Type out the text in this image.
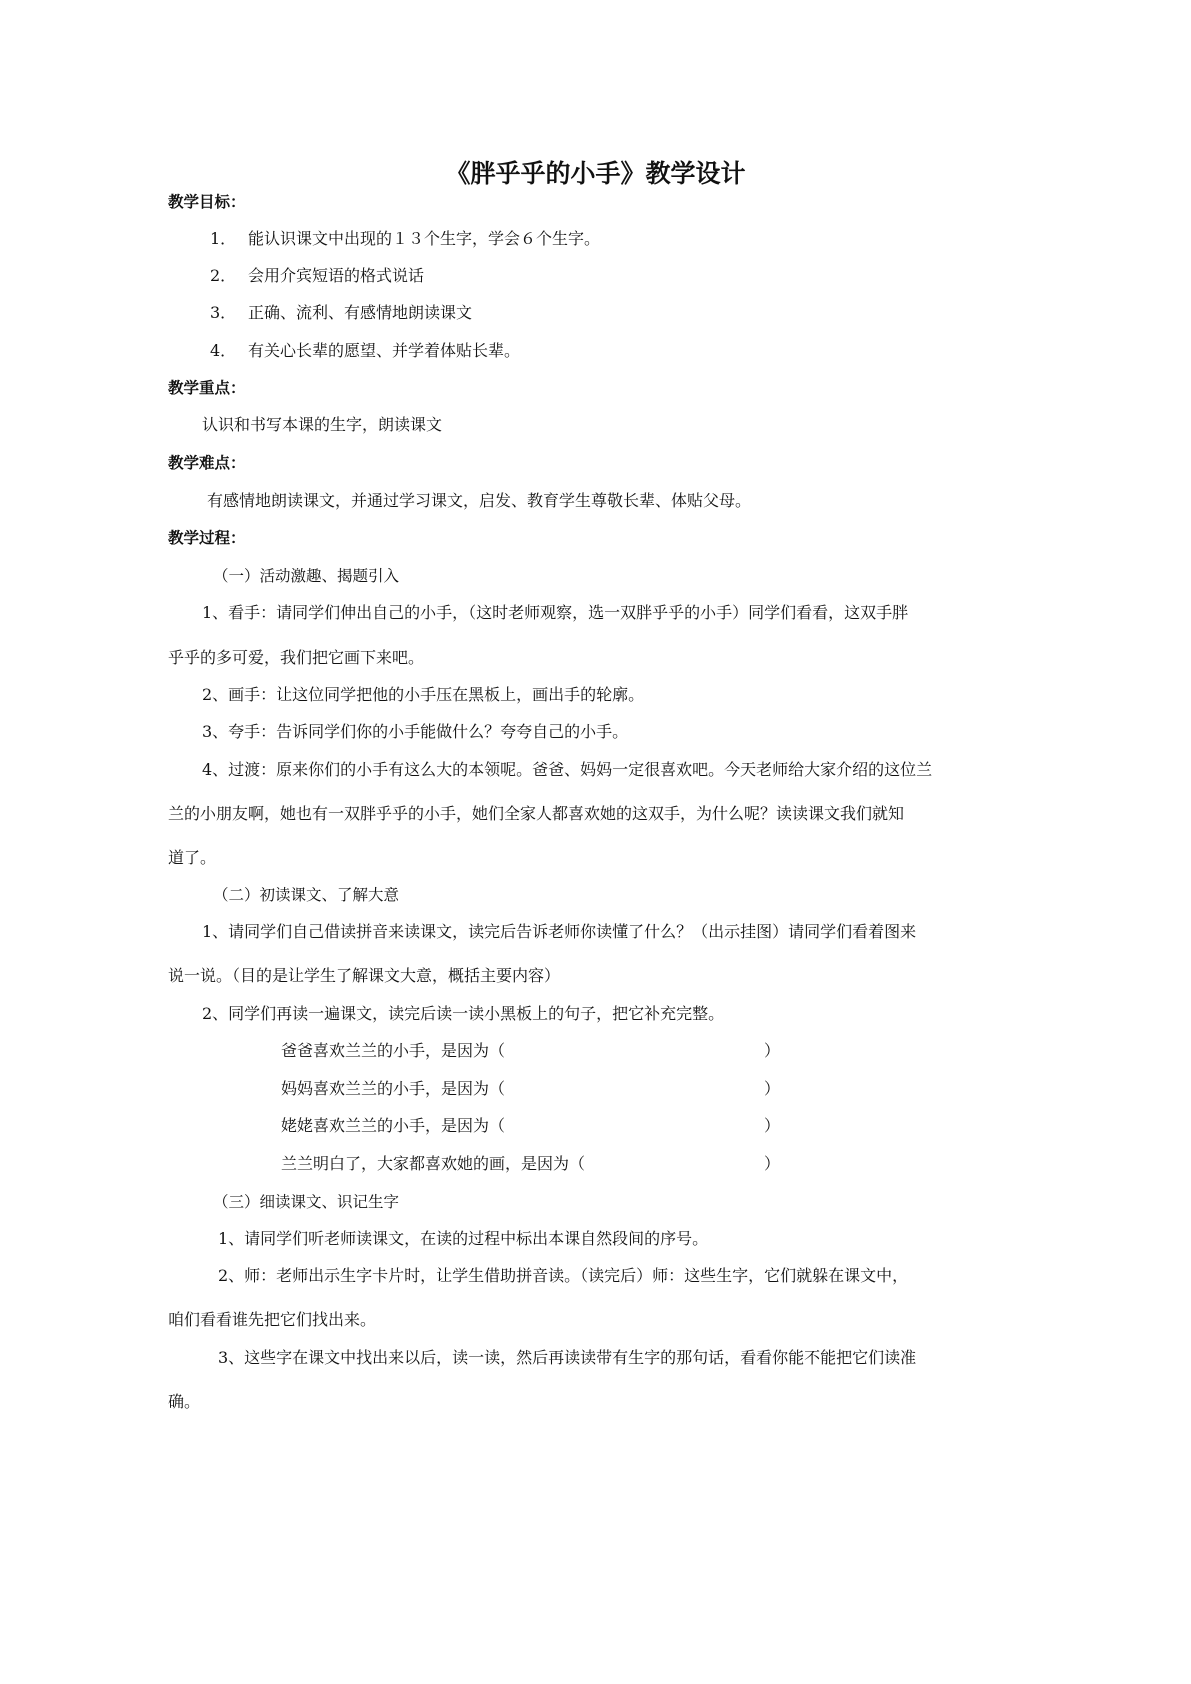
《胖乎乎的小手》教学设计
教学目标：
1． 能认识课文中出现的１３个生字，学会６个生字。
2． 会用介宾短语的格式说话
3． 正确、流利、有感情地朗读课文
4． 有关心长辈的愿望、并学着体贴长辈。
教学重点：
认识和书写本课的生字，朗读课文
教学难点：
有感情地朗读课文，并通过学习课文，启发、教育学生尊敬长辈、体贴父母。
教学过程：
（一）活动激趣、揭题引入
1、看手：请同学们伸出自己的小手，（这时老师观察，选一双胖乎乎的小手）同学们看看，这双手胖
乎乎的多可爱，我们把它画下来吧。
2、画手：让这位同学把他的小手压在黑板上，画出手的轮廓。
3、夸手：告诉同学们你的小手能做什么？夸夸自己的小手。
4、过渡：原来你们的小手有这么大的本领呢。爸爸、妈妈一定很喜欢吧。今天老师给大家介绍的这位兰
兰的小朋友啊，她也有一双胖乎乎的小手，她们全家人都喜欢她的这双手，为什么呢？读读课文我们就知
道了。
（二）初读课文、了解大意
1、请同学们自己借读拼音来读课文，读完后告诉老师你读懂了什么？（出示挂图）请同学们看着图来
说一说。（目的是让学生了解课文大意，概括主要内容）
2、同学们再读一遍课文，读完后读一读小黑板上的句子，把它补充完整。
爸爸喜欢兰兰的小手，是因为（	）
妈妈喜欢兰兰的小手，是因为（	）
姥姥喜欢兰兰的小手，是因为（	）
兰兰明白了，大家都喜欢她的画，是因为（	）
（三）细读课文、识记生字
1、请同学们听老师读课文，在读的过程中标出本课自然段间的序号。
2、师：老师出示生字卡片时，让学生借助拼音读。（读完后）师：这些生字，它们就躲在课文中，
咱们看看谁先把它们找出来。
3、这些字在课文中找出来以后，读一读，然后再读读带有生字的那句话，看看你能不能把它们读准
确。
